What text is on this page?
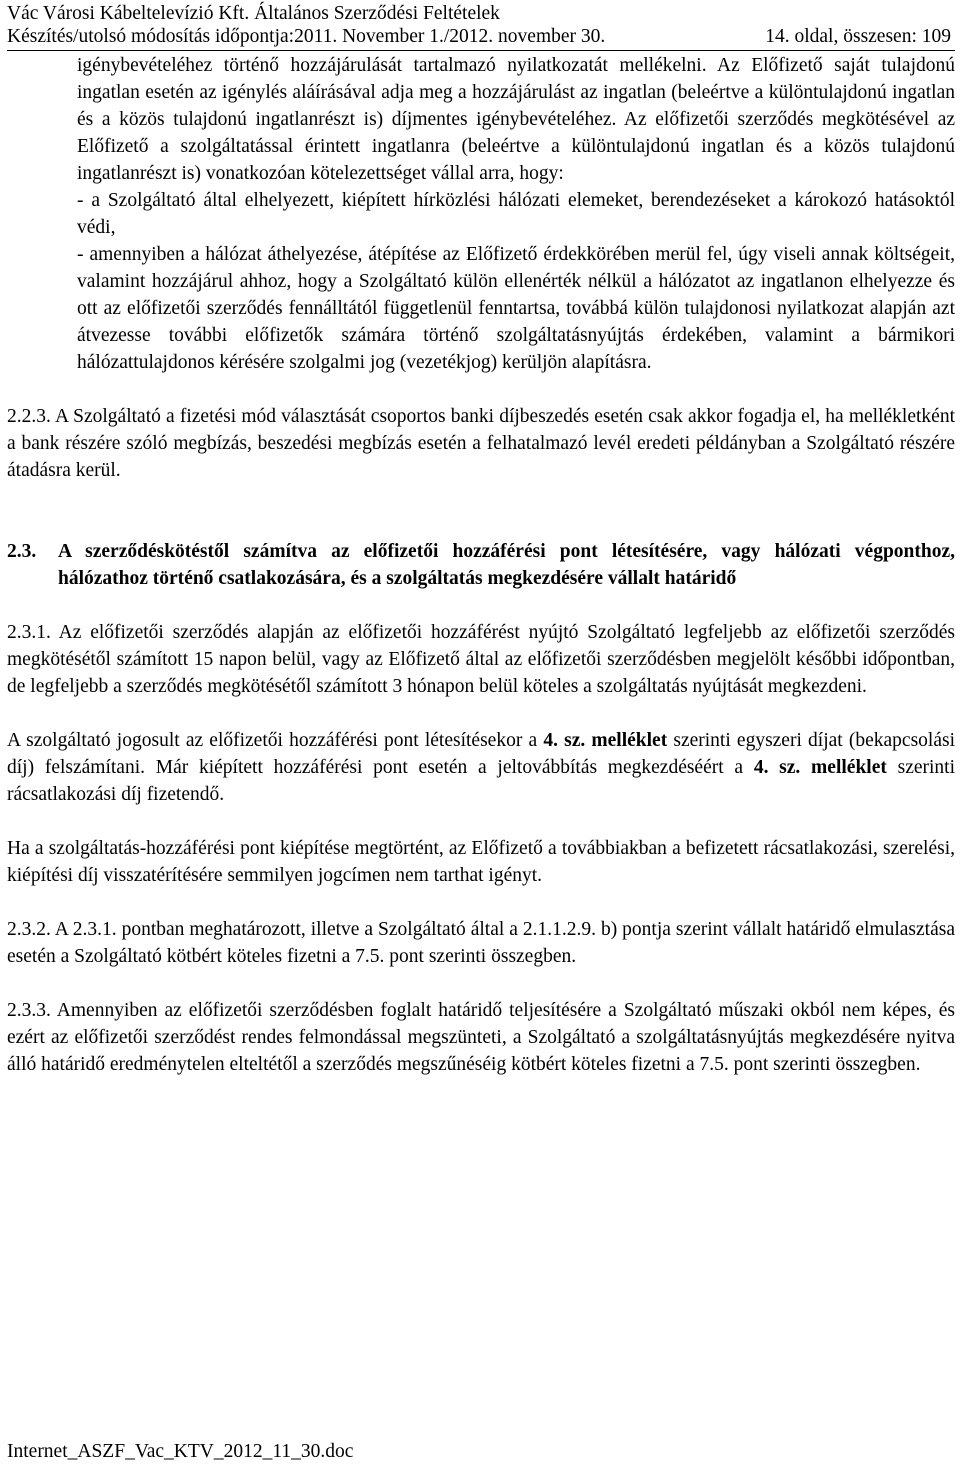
Vác Városi Kábeltelevízió Kft. Általános Szerződési Feltételek
Készítés/utolsó módosítás időpontja:2011. November 1./2012. november 30.	14. oldal, összesen: 109

igénybevételéhez történő hozzájárulását tartalmazó nyilatkozatát mellékelni. Az Előfizető saját tulajdonú ingatlan esetén az igénylés aláírásával adja meg a hozzájárulást az ingatlan (beleértve a különtulajdonú ingatlan és a közös tulajdonú ingatlanrészt is) díjmentes igénybevételéhez. Az előfizetői szerződés megkötésével az Előfizető a szolgáltatással érintett ingatlanra (beleértve a különtulajdonú ingatlan és a közös tulajdonú ingatlanrészt is) vonatkozóan kötelezettséget vállal arra, hogy:

- a Szolgáltató által elhelyezett, kiépített hírközlési hálózati elemeket, berendezéseket a károkozó hatásoktól védi,

- amennyiben a hálózat áthelyezése, átépítése az Előfizető érdekkörében merül fel, úgy viseli annak költségeit, valamint hozzájárul ahhoz, hogy a Szolgáltató külön ellenérték nélkül a hálózatot az ingatlanon elhelyezze és ott az előfizetői szerződés fennálltától függetlenül fenntartsa, továbbá külön tulajdonosi nyilatkozat alapján azt átvezesse további előfizetők számára történő szolgáltatásnyújtás érdekében, valamint a bármikori hálózattulajdonos kérésére szolgalmi jog (vezetékjog) kerüljön alapításra.

2.2.3. A Szolgáltató a fizetési mód választását csoportos banki díjbeszedés esetén csak akkor fogadja el, ha mellékletként a bank részére szóló megbízás, beszedési megbízás esetén a felhatalmazó levél eredeti példányban a Szolgáltató részére átadásra kerül.

2.3.	A szerződéskötéstől számítva az előfizetői hozzáférési pont létesítésére, vagy hálózati végponthoz, hálózathoz történő csatlakozására, és a szolgáltatás megkezdésére vállalt határidő

2.3.1. Az előfizetői szerződés alapján az előfizetői hozzáférést nyújtó Szolgáltató legfeljebb az előfizetői szerződés megkötésétől számított 15 napon belül, vagy az Előfizető által az előfizetői szerződésben megjelölt későbbi időpontban, de legfeljebb a szerződés megkötésétől számított 3 hónapon belül köteles a szolgáltatás nyújtását megkezdeni.

A szolgáltató jogosult az előfizetői hozzáférési pont létesítésekor a 4. sz. melléklet szerinti egyszeri díjat (bekapcsolási díj) felszámítani. Már kiépített hozzáférési pont esetén a jeltovábbítás megkezdéséért a 4. sz. melléklet szerinti rácsatlakozási díj fizetendő.

Ha a szolgáltatás-hozzáférési pont kiépítése megtörtént, az Előfizető a továbbiakban a befizetett rácsatlakozási, szerelési, kiépítési díj visszatérítésére semmilyen jogcímen nem tarthat igényt.

2.3.2. A 2.3.1. pontban meghatározott, illetve a Szolgáltató által a 2.1.1.2.9. b) pontja szerint vállalt határidő elmulasztása esetén a Szolgáltató kötbért köteles fizetni a 7.5. pont szerinti összegben.

2.3.3. Amennyiben az előfizetői szerződésben foglalt határidő teljesítésére a Szolgáltató műszaki okból nem képes, és ezért az előfizetői szerződést rendes felmondással megszünteti, a Szolgáltató a szolgáltatásnyújtás megkezdésére nyitva álló határidő eredménytelen elteltétől a szerződés megszűnéséig kötbért köteles fizetni a 7.5. pont szerinti összegben.

Internet_ASZF_Vac_KTV_2012_11_30.doc
